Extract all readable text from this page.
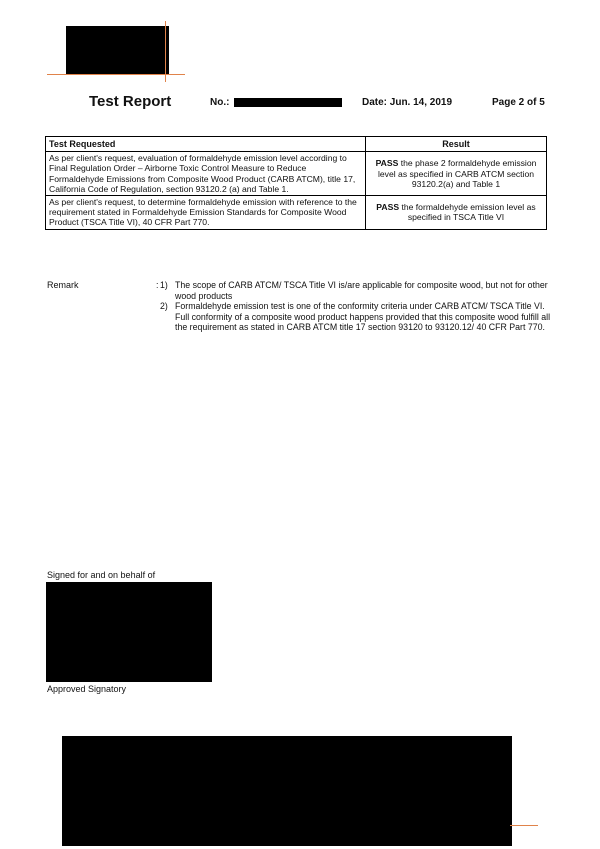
Test Report	No.:	Date: Jun. 14, 2019	Page 2 of 5
Test Requested	Result
As per client's request, evaluation of formaldehyde emission level according to Final Regulation Order – Airborne Toxic Control Measure to Reduce Formaldehyde Emissions from Composite Wood Product (CARB ATCM), title 17, California Code of Regulation, section 93120.2 (a) and Table 1.	PASS the phase 2 formaldehyde emission level as specified in CARB ATCM section 93120.2(a) and Table 1
As per client's request, to determine formaldehyde emission with reference to the requirement stated in Formaldehyde Emission Standards for Composite Wood Product (TSCA Title VI), 40 CFR Part 770.	PASS the formaldehyde emission level as specified in TSCA Title VI
Remark	: 1) The scope of CARB ATCM/ TSCA Title VI is/are applicable for composite wood, but not for other wood products
2) Formaldehyde emission test is one of the conformity criteria under CARB ATCM/ TSCA Title VI. Full conformity of a composite wood product happens provided that this composite wood fulfill all the requirement as stated in CARB ATCM title 17 section 93120 to 93120.12/ 40 CFR Part 770.
Signed for and on behalf of
Approved Signatory
